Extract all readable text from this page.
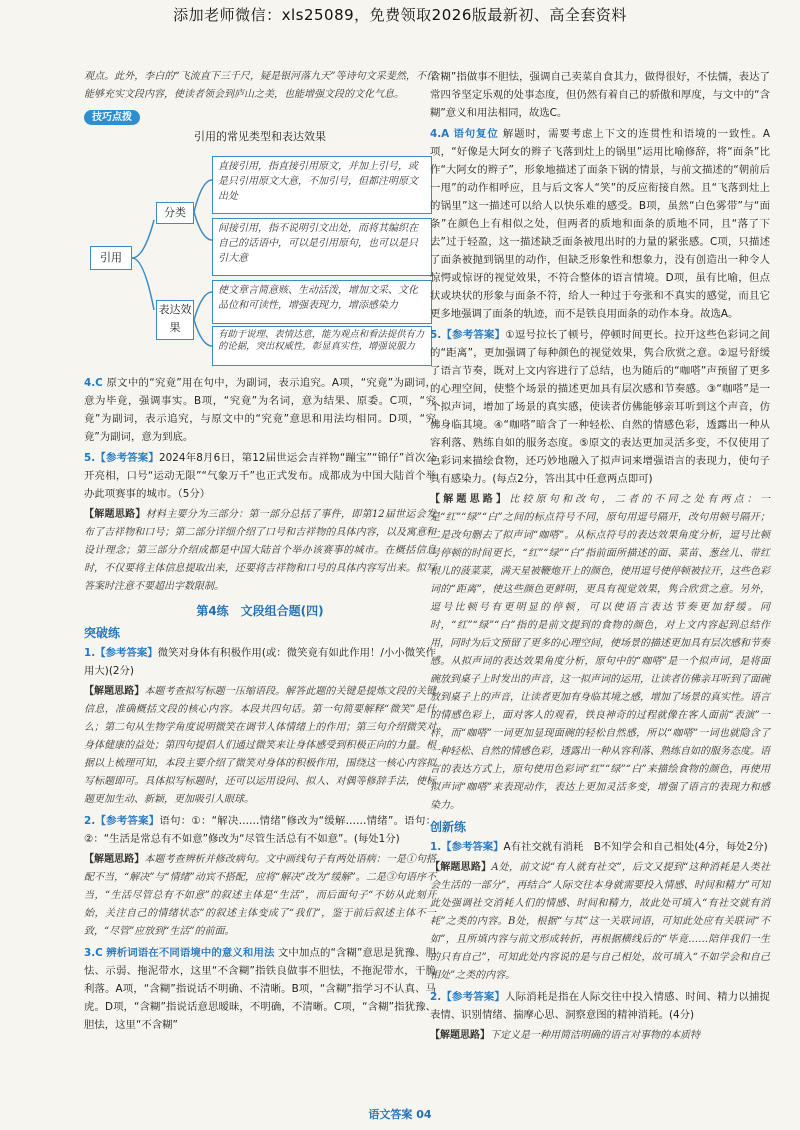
添加老师微信：xls25089，免费领取2026版最新初、高全套资料

观点。此外，李白的“飞流直下三千尺，疑是银河落九天”等诗句文采斐然，不仅能够充实文段内容，使读者领会到庐山之美，也能增强文段的文化气息。

技巧点拨
引用的常见类型和表达效果
引用
分类
表达效果
直接引用，指直接引用原文，并加上引号，或是只引用原文大意，不加引号，但都注明原文出处
间接引用，指不说明引文出处，而将其编织在自己的话语中，可以是引用原句，也可以是只引大意
使文章言简意赅、生动活泼，增加文采、文化品位和可读性，增强表现力，增添感染力
有助于说理、表情达意，能为观点和看法提供有力的论据，突出权威性，彰显真实性，增强说服力

4.C 原文中的“究竟”用在句中，为副词，表示追究。A项，“究竟”为副词，意为毕竟，强调事实。B项，“究竟”为名词，意为结果、原委。C项，“究竟”为副词，表示追究，与原文中的“究竟”意思和用法均相同。D项，“究竟”为副词，意为到底。

5.【参考答案】2024年8月6日，第12届世运会吉祥物“蹦宝”“锦仔”首次公开亮相，口号“运动无限”“气象万千”也正式发布。成都成为中国大陆首个举办此项赛事的城市。（5分）

【解题思路】材料主要分为三部分：第一部分总括了事件，即第12届世运会发布了吉祥物和口号；第二部分详细介绍了口号和吉祥物的具体内容，以及寓意和设计理念；第三部分介绍成都是中国大陆首个举办该赛事的城市。在概括信息时，不仅要将主体信息提取出来，还要将吉祥物和口号的具体内容写出来。拟写答案时注意不要超出字数限制。

第4练　文段组合题(四)
突破练

1.【参考答案】微笑对身体有积极作用(或：微笑竟有如此作用！/小小微笑作用大)(2分)

【解题思路】本题考查拟写标题一压缩语段。解答此题的关键是提炼文段的关键信息，准确概括文段的核心内容。本段共四句话。第一句简要解释“微笑”是什么；第二句从生物学角度说明微笑在调节人体情绪上的作用；第三句介绍微笑对身体健康的益处；第四句提倡人们通过微笑来让身体感受到积极正向的力量。根据以上梳理可知，本段主要介绍了微笑对身体的积极作用，围绕这一核心内容拟写标题即可。具体拟写标题时，还可以运用设问、拟人、对偶等修辞手法，使标题更加生动、新颖，更加吸引人眼球。

2.【参考答案】语句：①：“解决……情绪”修改为“缓解……情绪”。语句：②：“生活是常总有不如意”修改为“尽管生活总有不如意”。(每处1分)

【解题思路】本题考查辨析并修改病句。文中画线句子有两处语病：一是①句搭配不当，“解决”与“情绪”动宾不搭配，应将“解决”改为“缓解”。二是③句语序不当，“生活尽管总有不如意”的叙述主体是“生活”，而后面句子“不妨从此刻开始，关注自己的情绪状态”的叙述主体变成了“我们”，鉴于前后叙述主体不一致，“尽管”应放到“生活”的前面。

3.C 辨析词语在不同语境中的意义和用法 文中加点的“含糊”意思是犹豫、胆怯、示弱、拖泥带水，这里“不含糊”指铁良做事不胆怯，不拖泥带水，干脆利落。A项，“含糊”指说话不明确、不清晰。B项，“含糊”指学习不认真、马虎。D项，“含糊”指说话意思暧昧，不明确，不清晰。C项，“含糊”指犹豫、胆怯，这里“不含糊”

含糊”指做事不胆怯，强调自己卖菜自食其力，做得很好，不怯懦，表达了常四爷坚定乐观的处事态度，但仍然有着自己的骄傲和厚度，与文中的“含糊”意义和用法相同，故选C。

4.A 语句复位 解题时，需要考虑上下文的连贯性和语境的一致性。A项，“好像是大阿女的辫子飞落到灶上的锅里”运用比喻修辞，将“面条”比作“大阿女的辫子”，形象地描述了面条下锅的情景，与前文描述的“朝前后一甩”的动作相呼应，且与后文客人“笑”的反应衔接自然。且“飞落到灶上的锅里”这一描述可以给人以快乐难的感受。B项，虽然“白色雾带”与“面条”在颜色上有相似之处，但两者的质地和面条的质地不同，且“落了下去”过于轻盈，这一描述缺乏面条被甩出时的力量的紧张感。C项，只描述了面条被抛到锅里的动作，但缺乏形象性和想象力，没有创造出一种令人惊愕或惊讶的视觉效果，不符合整体的语言情境。D项，虽有比喻，但点状或块状的形象与面条不符，给人一种过于夸张和不真实的感觉，而且它更多地强调了面条的轨迹，而不是铁良用面条的动作本身。故选A。

5.【参考答案】①逗号拉长了顿号，停顿时间更长。拉开这些色彩词之间的“距离”，更加强调了每种颜色的视觉效果，隽合欣赏之意。②逗号舒缓了语言节奏，既对上文内容进行了总结，也为随后的“咖嗒”声预留了更多的心理空间，使整个场景的描述更加具有层次感和节奏感。③“咖嗒”是一个拟声词，增加了场景的真实感，使读者仿佛能够亲耳听到这个声音，仿佛身临其境。④“咖嗒”暗含了一种轻松、自然的情感色彩，透露出一种从容利落、熟练自如的服务态度。⑤原文的表达更加灵活多变，不仅使用了色彩词来描绘食物，还巧妙地融入了拟声词来增强语言的表现力，使句子具有感染力。(每点2分，答出其中任意两点即可)

【解题思路】比较原句和改句，二者的不同之处有两点：一是“红”“绿”“白”之间的标点符号不同，原句用逗号隔开，改句用顿号隔开；二是改句删去了拟声词“咖嗒”。从标点符号的表达效果角度分析，逗号比顿号停顿的时间更长，“红”“绿”“白”指前面所描述的面、菜苗、葱丝儿、带红根儿的菠菜菜，满天星被鞭炮开上的颜色，使用逗号使停顿被拉开，这些色彩词的“距离”，使这些颜色更鲜明，更具有视觉效果，隽合欣赏之意。另外，逗号比顿号有更明显的停顿，可以使语言表达节奏更加舒缓。同时，“红”“绿”“白”指的是前文提到的食物的颜色，对上文内容起到总结作用，同时为后文预留了更多的心理空间，使场景的描述更加具有层次感和节奏感。从拟声词的表达效果角度分析，原句中的“咖嗒”是一个拟声词，是将面碗放到桌子上时发出的声音，这一拟声词的运用，让读者仿佛亲耳听到了面碗放到桌子上的声音，让读者更加有身临其境之感，增加了场景的真实性。语言的情感色彩上，面对客人的观看，铁良神奇的过程就像在客人面前“表演”一样，而“咖嗒”一词更加显现面碗的轻松自然感，所以“咖嗒”一词也就隐含了一种轻松、自然的情感色彩，透露出一种从容利落、熟练自如的服务态度。语言的表达方式上，原句使用色彩词“红”“绿”“白”来描绘食物的颜色，再使用拟声词“咖嗒”来表现动作，表达上更加灵活多变，增强了语言的表现力和感染力。

创新练

1.【参考答案】A有社交就有消耗　B不知学会和自己相处(4分，每处2分)

【解题思路】A处，前文说“有人就有社交”，后文又提到“这种消耗是人类社会生活的一部分”，再结合“人际交往本身就需要投入情感、时间和精力”可知此处强调社交消耗人们的情感、时间和精力，故此处可填入“有社交就有消耗”之类的内容。B处，根据“与其”这一关联词语，可知此处应有关联词“不如”，且所填内容与前文形成转折，再根据横线后的“毕竟……陪伴我们一生的只有自己”，可知此处内容说的是与自己相处，故可填入“不如学会和自己相处”之类的内容。

2.【参考答案】人际消耗是指在人际交往中投入情感、时间、精力以捕捉表情、识别情绪、揣摩心思、洞察意图的精神消耗。(4分)

【解题思路】下定义是一种用简洁明确的语言对事物的本质特

语文答案 04
